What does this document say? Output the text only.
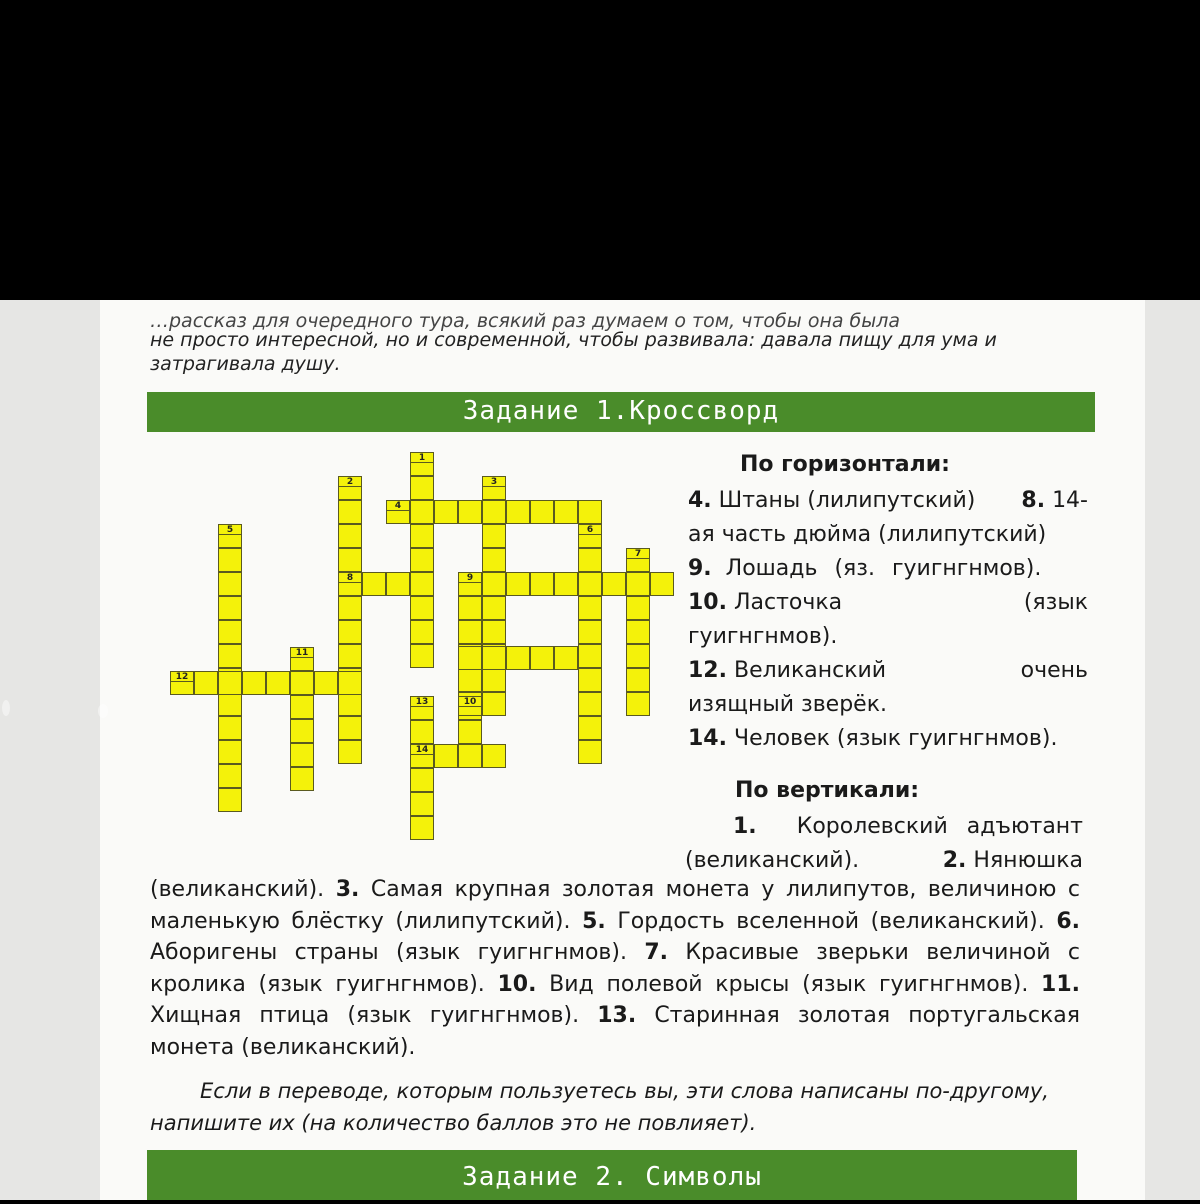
…рассказ для очередного тура, всякий раз думаем о том, чтобы она была
не просто интересной, но и современной, чтобы развивала: давала пищу для ума и
затрагивала душу.
Задание 1.Кроссворд
1
2	3
4
5	6
7
8	9
10
11
12
13
14
По горизонтали:

4. Штаны (лилипутский) 8. 14-

ая часть дюйма (лилипутский)

9. Лошадь (яз. гуигнгнмов).

10. Ласточка	(язык

гуигнгнмов).

12. Великанский	очень

изящный зверёк.

14. Человек (язык гуигнгнмов).

По вертикали:
1. Королевский адъютант
(великанский).	2. Нянюшка
(великанский). 3. Самая крупная золотая монета у лилипутов, величиною с маленькую блёстку (лилипутский). 5. Гордость вселенной (великанский). 6. Аборигены страны (язык гуигнгнмов). 7. Красивые зверьки величиной с кролика (язык гуигнгнмов). 10. Вид полевой крысы (язык гуигнгнмов). 11. Хищная птица (язык гуигнгнмов). 13. Старинная золотая португальская монета (великанский).
Если в переводе, которым пользуетесь вы, эти слова написаны по-другому, напишите их (на количество баллов это не повлияет).
Задание 2. Символы
